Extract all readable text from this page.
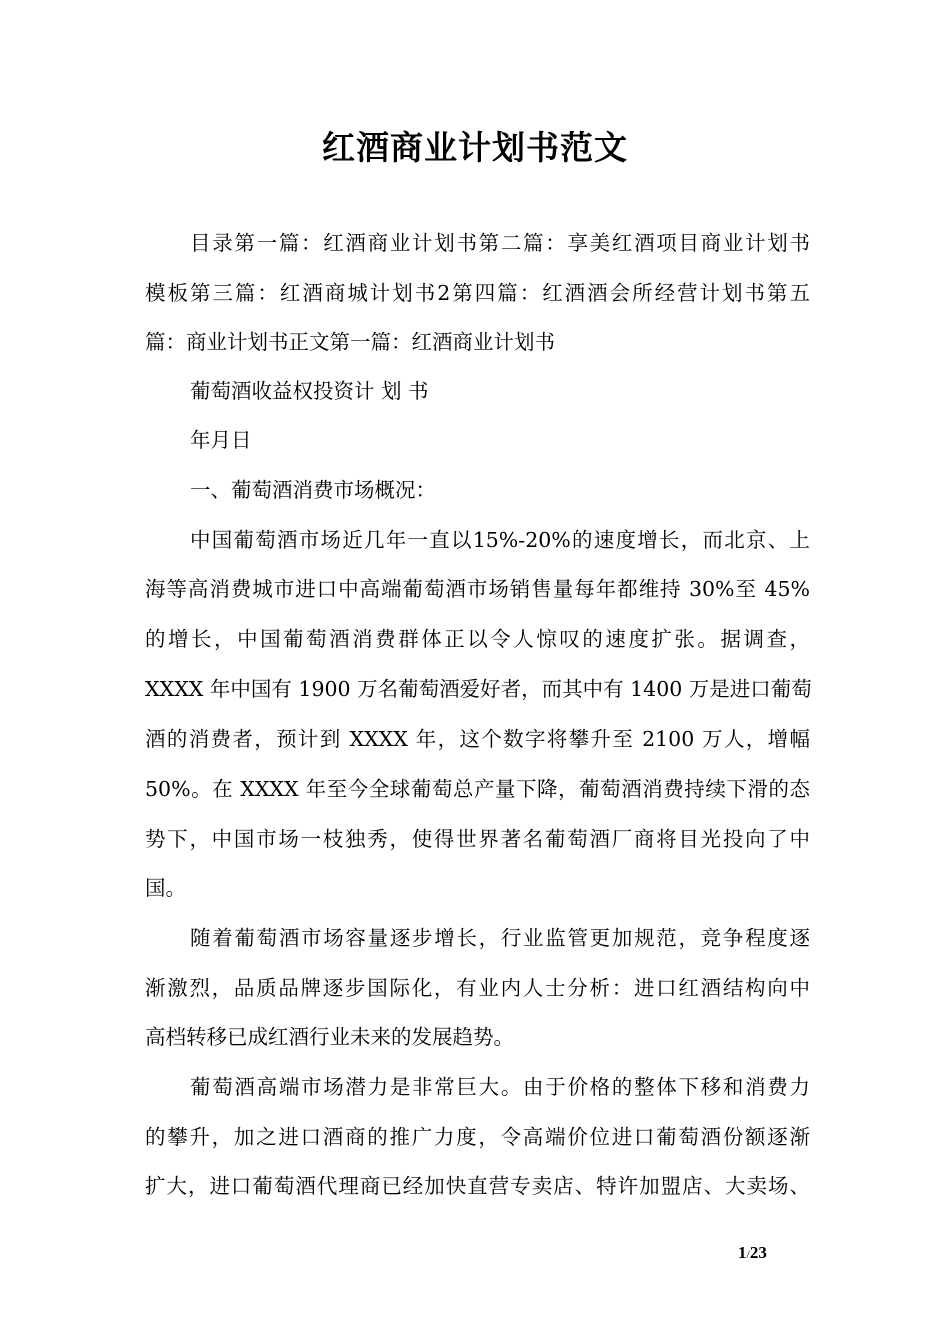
红酒商业计划书范文
目录第一篇：红酒商业计划书第二篇：享美红酒项目商业计划书
模板第三篇：红酒商城计划书2第四篇：红酒酒会所经营计划书第五
篇：商业计划书正文第一篇：红酒商业计划书
葡萄酒收益权投资计 划 书
年月日
一、葡萄酒消费市场概况：
中国葡萄酒市场近几年一直以15%-20%的速度增长，而北京、上
海等高消费城市进口中高端葡萄酒市场销售量每年都维持 30%至 45%
的增长，中国葡萄酒消费群体正以令人惊叹的速度扩张。据调查，
XXXX 年中国有 1900 万名葡萄酒爱好者，而其中有 1400 万是进口葡萄
酒的消费者，预计到 XXXX 年，这个数字将攀升至 2100 万人，增幅
50%。在 XXXX 年至今全球葡萄总产量下降，葡萄酒消费持续下滑的态
势下，中国市场一枝独秀，使得世界著名葡萄酒厂商将目光投向了中
国。
随着葡萄酒市场容量逐步增长，行业监管更加规范，竞争程度逐
渐激烈，品质品牌逐步国际化，有业内人士分析：进口红酒结构向中
高档转移已成红酒行业未来的发展趋势。
葡萄酒高端市场潜力是非常巨大。由于价格的整体下移和消费力
的攀升，加之进口酒商的推广力度，令高端价位进口葡萄酒份额逐渐
扩大，进口葡萄酒代理商已经加快直营专卖店、特许加盟店、大卖场、
1/23
